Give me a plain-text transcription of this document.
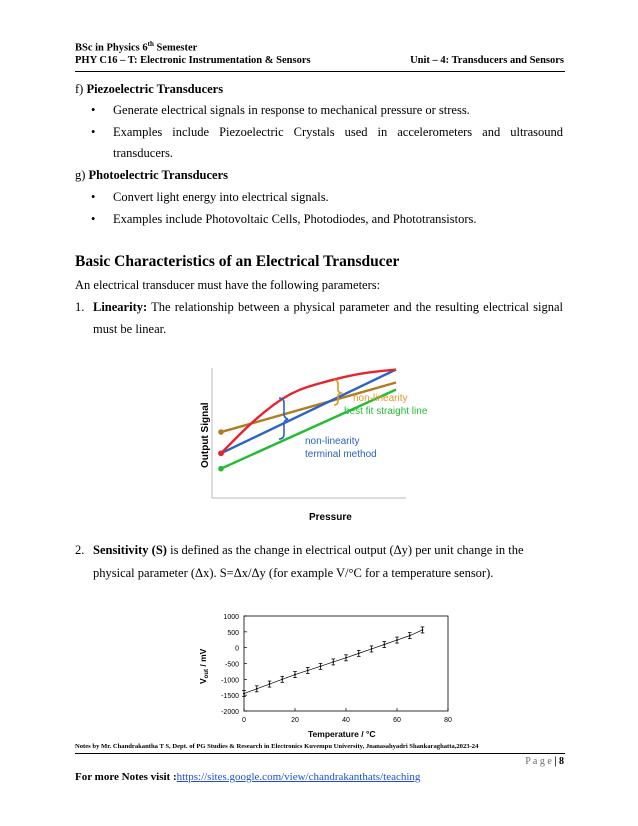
BSc in Physics 6th Semester
PHY C16 – T: Electronic Instrumentation & Sensors	Unit – 4: Transducers and Sensors
f) Piezoelectric Transducers
• Generate electrical signals in response to mechanical pressure or stress.
• Examples include Piezoelectric Crystals used in accelerometers and ultrasound
transducers.
g) Photoelectric Transducers
• Convert light energy into electrical signals.
• Examples include Photovoltaic Cells, Photodiodes, and Phototransistors.
Basic Characteristics of an Electrical Transducer
An electrical transducer must have the following parameters:
1. Linearity: The relationship between a physical parameter and the resulting electrical signal
must be linear.
non-linearity
best fit straight line
non-linearity
terminal method
Pressure
Output Signal
2. Sensitivity (S) is defined as the change in electrical output (Δy) per unit change in the
physical parameter (Δx). S=Δx/Δy (for example V/°C for a temperature sensor).
1000
500
0
-500
-1000
-1500
-2000
0	20	40	60	80
Temperature / °C
$V_{out}$ / mV
Notes by Mr. Chandrakantha T S, Dept. of PG Studies & Research in Electronics Kuvempu University, Jnanasahyadri Shankaraghatta,2023-24
P a g e | 8
For more Notes visit :https://sites.google.com/view/chandrakanthats/teaching
